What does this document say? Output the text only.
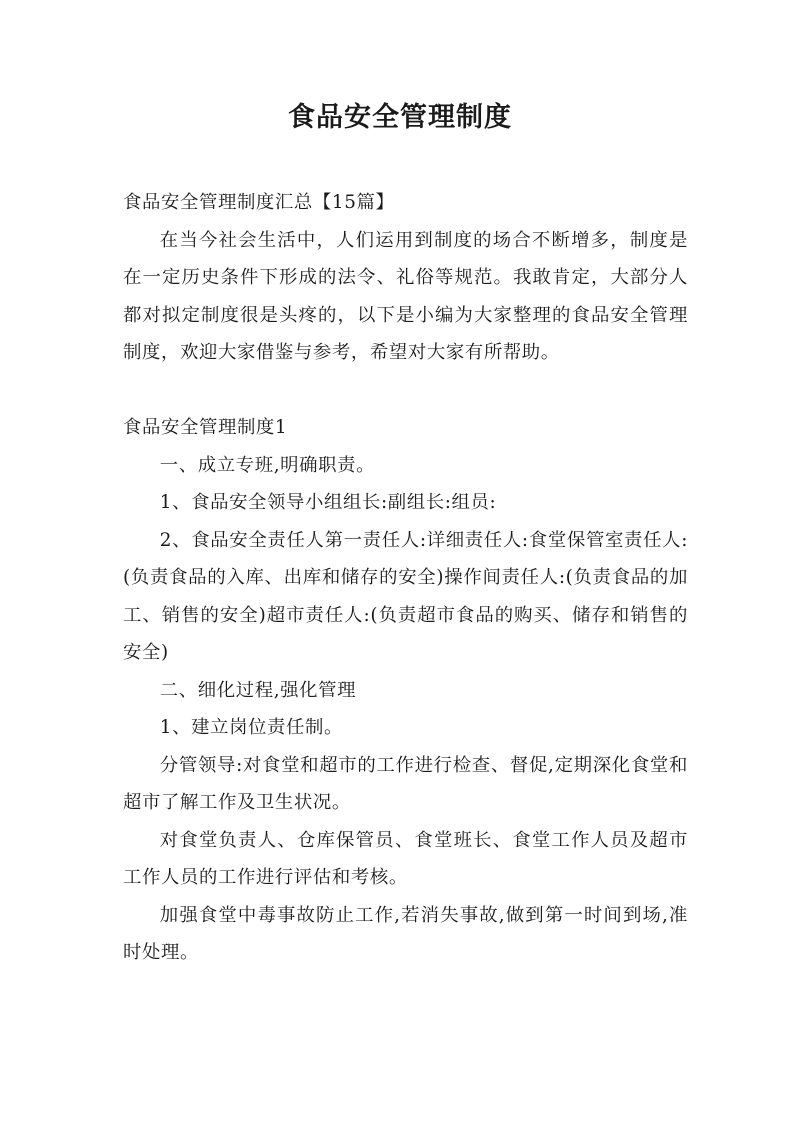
食品安全管理制度

食品安全管理制度汇总【15篇】

在当今社会生活中，人们运用到制度的场合不断增多，制度是在一定历史条件下形成的法令、礼俗等规范。我敢肯定，大部分人都对拟定制度很是头疼的，以下是小编为大家整理的食品安全管理制度，欢迎大家借鉴与参考，希望对大家有所帮助。

食品安全管理制度1

一、成立专班,明确职责。

1、食品安全领导小组组长:副组长:组员:

2、食品安全责任人第一责任人:详细责任人:食堂保管室责任人:(负责食品的入库、出库和储存的安全)操作间责任人:(负责食品的加工、销售的安全)超市责任人:(负责超市食品的购买、储存和销售的安全)

二、细化过程,强化管理

1、建立岗位责任制。

分管领导:对食堂和超市的工作进行检查、督促,定期深化食堂和超市了解工作及卫生状况。

对食堂负责人、仓库保管员、食堂班长、食堂工作人员及超市工作人员的工作进行评估和考核。

加强食堂中毒事故防止工作,若消失事故,做到第一时间到场,准时处理。
